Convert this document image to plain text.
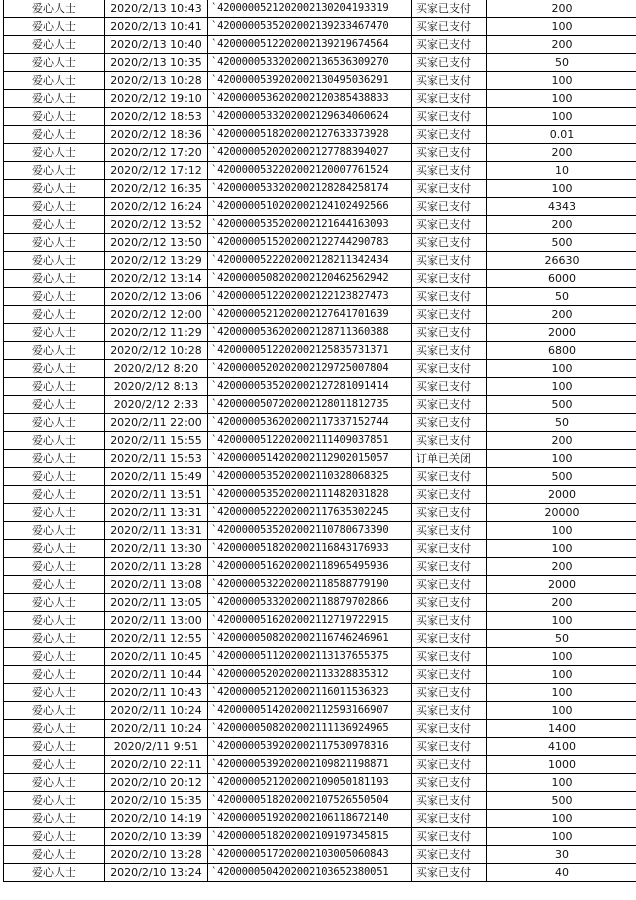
爱心人士	2020/2/13 10:43	`4200000521202002130204193319	买家已支付	200
爱心人士	2020/2/13 10:41	`4200000535202002139233467470	买家已支付	100
爱心人士	2020/2/13 10:40	`4200000512202002139219674564	买家已支付	200
爱心人士	2020/2/13 10:35	`4200000533202002136536309270	买家已支付	50
爱心人士	2020/2/13 10:28	`4200000539202002130495036291	买家已支付	100
爱心人士	2020/2/12 19:10	`4200000536202002120385438833	买家已支付	100
爱心人士	2020/2/12 18:53	`4200000533202002129634060624	买家已支付	100
爱心人士	2020/2/12 18:36	`4200000518202002127633373928	买家已支付	0.01
爱心人士	2020/2/12 17:20	`4200000520202002127788394027	买家已支付	200
爱心人士	2020/2/12 17:12	`4200000532202002120007761524	买家已支付	10
爱心人士	2020/2/12 16:35	`4200000533202002128284258174	买家已支付	100
爱心人士	2020/2/12 16:24	`4200000510202002124102492566	买家已支付	4343
爱心人士	2020/2/12 13:52	`4200000535202002121644163093	买家已支付	200
爱心人士	2020/2/12 13:50	`4200000515202002122744290783	买家已支付	500
爱心人士	2020/2/12 13:29	`4200000522202002128211342434	买家已支付	26630
爱心人士	2020/2/12 13:14	`4200000508202002120462562942	买家已支付	6000
爱心人士	2020/2/12 13:06	`4200000512202002122123827473	买家已支付	50
爱心人士	2020/2/12 12:00	`4200000521202002127641701639	买家已支付	200
爱心人士	2020/2/12 11:29	`4200000536202002128711360388	买家已支付	2000
爱心人士	2020/2/12 10:28	`4200000512202002125835731371	买家已支付	6800
爱心人士	2020/2/12 8:20	`4200000520202002129725007804	买家已支付	100
爱心人士	2020/2/12 8:13	`4200000535202002127281091414	买家已支付	100
爱心人士	2020/2/12 2:33	`4200000507202002128011812735	买家已支付	500
爱心人士	2020/2/11 22:00	`4200000536202002117337152744	买家已支付	50
爱心人士	2020/2/11 15:55	`4200000512202002111409037851	买家已支付	200
爱心人士	2020/2/11 15:53	`4200000514202002112902015057	订单已关闭	100
爱心人士	2020/2/11 15:49	`4200000535202002110328068325	买家已支付	500
爱心人士	2020/2/11 13:51	`4200000535202002111482031828	买家已支付	2000
爱心人士	2020/2/11 13:31	`4200000522202002117635302245	买家已支付	20000
爱心人士	2020/2/11 13:31	`4200000535202002110780673390	买家已支付	100
爱心人士	2020/2/11 13:30	`4200000518202002116843176933	买家已支付	100
爱心人士	2020/2/11 13:28	`4200000516202002118965495936	买家已支付	200
爱心人士	2020/2/11 13:08	`4200000532202002118588779190	买家已支付	2000
爱心人士	2020/2/11 13:05	`4200000533202002118879702866	买家已支付	200
爱心人士	2020/2/11 13:00	`4200000516202002112719722915	买家已支付	100
爱心人士	2020/2/11 12:55	`4200000508202002116746246961	买家已支付	50
爱心人士	2020/2/11 10:45	`4200000511202002113137655375	买家已支付	100
爱心人士	2020/2/11 10:44	`4200000520202002113328835312	买家已支付	100
爱心人士	2020/2/11 10:43	`4200000521202002116011536323	买家已支付	100
爱心人士	2020/2/11 10:24	`4200000514202002112593166907	买家已支付	100
爱心人士	2020/2/11 10:24	`4200000508202002111136924965	买家已支付	1400
爱心人士	2020/2/11 9:51	`4200000539202002117530978316	买家已支付	4100
爱心人士	2020/2/10 22:11	`4200000539202002109821198871	买家已支付	1000
爱心人士	2020/2/10 20:12	`4200000521202002109050181193	买家已支付	100
爱心人士	2020/2/10 15:35	`4200000518202002107526550504	买家已支付	500
爱心人士	2020/2/10 14:19	`4200000519202002106118672140	买家已支付	100
爱心人士	2020/2/10 13:39	`4200000518202002109197345815	买家已支付	100
爱心人士	2020/2/10 13:28	`4200000517202002103005060843	买家已支付	30
爱心人士	2020/2/10 13:24	`4200000504202002103652380051	买家已支付	40
